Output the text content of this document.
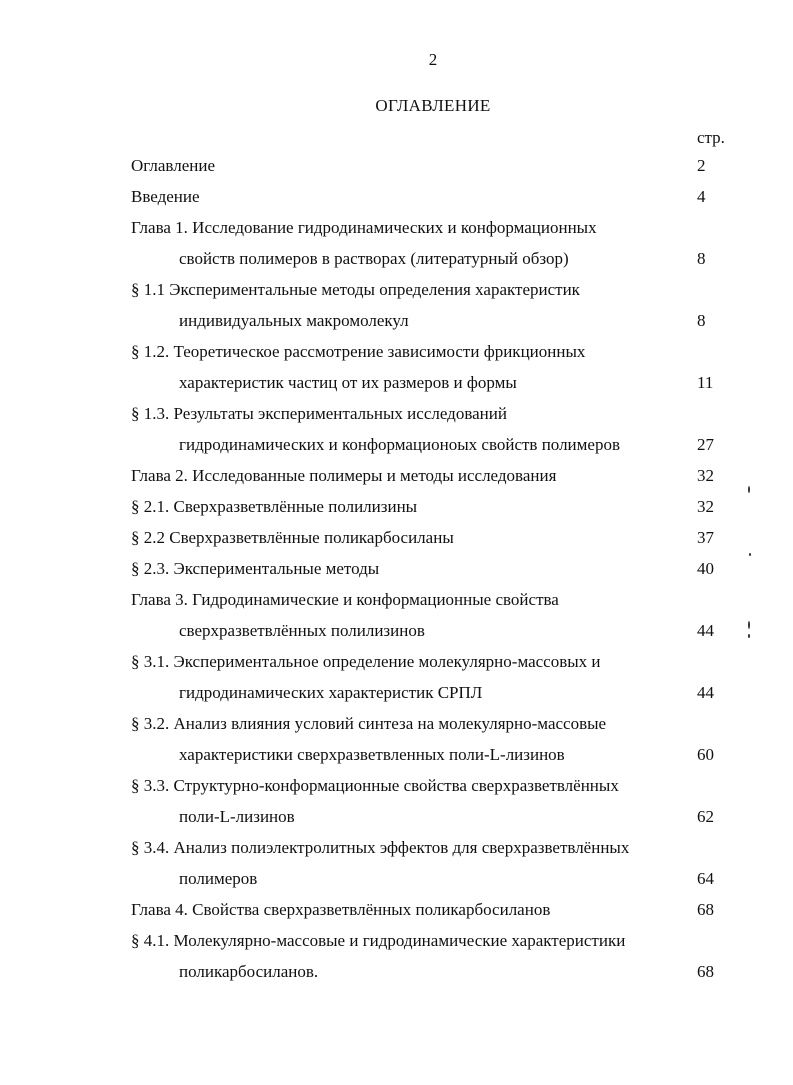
2
ОГЛАВЛЕНИЕ
стр.
Оглавление	2
Введение	4
Глава 1. Исследование гидродинамических и конформационных
свойств полимеров в растворах (литературный обзор)	8
§ 1.1 Экспериментальные методы определения характеристик
индивидуальных макромолекул	8
§ 1.2. Теоретическое рассмотрение зависимости фрикционных
характеристик частиц от их размеров и формы	11
§ 1.3. Результаты экспериментальных исследований
гидродинамических и конформационоых свойств полимеров	27
Глава 2. Исследованные полимеры и методы исследования	32
§ 2.1. Сверхразветвлённые полилизины	32
§ 2.2 Сверхразветвлённые поликарбосиланы	37
§ 2.3. Экспериментальные методы	40
Глава 3. Гидродинамические и конформационные свойства
сверхразветвлённых полилизинов	44
§ 3.1. Экспериментальное определение молекулярно-массовых и
гидродинамических характеристик СРПЛ	44
§ 3.2. Анализ влияния условий синтеза на молекулярно-массовые
характеристики сверхразветвленных поли-L-лизинов	60
§ 3.3. Структурно-конформационные свойства сверхразветвлённых
поли-L-лизинов	62
§ 3.4. Анализ полиэлектролитных эффектов для сверхразветвлённых
полимеров	64
Глава 4. Свойства сверхразветвлённых поликарбосиланов	68
§ 4.1. Молекулярно-массовые и гидродинамические характеристики
поликарбосиланов.	68
